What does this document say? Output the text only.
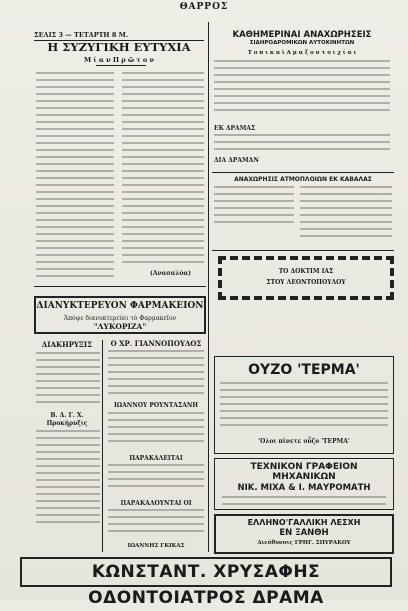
ΘΑΡΡΟΣ
ΣΕΛΙΣ 3 — ΤΕΤΑΡΤΗ 8 Μ.
Η ΣΥΖΥΓΙΚΗ ΕΥΤΥΧΙΑ
Μ ί α ν Π ρ ῶ τ ο ν
(Ανασαλόα)
ΚΑΘΗΜΕΡΙΝΑΙ ΑΝΑΧΩΡΗΣΕΙΣ
ΣΙΔΗΡΟΔΡΟΜΙΚΩΝ ΑΥΤΟΚΙΝΗΤΩΝ
Τ ο π ι κ α ὶ Α μ α ξ ο σ τ ο ι χ ί α ι
ΕΚ ΔΡΑΜΑΣ
ΔΙΑ ΔΡΑΜΑΝ
ΑΝΑΧΩΡΗΣΙΣ ΑΤΜΟΠΛΟΙΩΝ ΕΚ ΚΑΒΑΛΑΣ
ΤΟ ΔΟΚΤΙΜ ΙΑΣ
ΣΤΟΥ ΛΕΟΝΤΟΠΟΥΛΟΥ
ΔΙΑΝΥΚΤΕΡΕΥΟΝ ΦΑΡΜΑΚΕΙΟΝ
Ἀπόψε διανυκτερεύει τὸ Φαρμακεῖον
"ΛΥΚΟΡΙΖΑ"
ΔΙΑΚΗΡΥΞΙΣ
Β. Δ. Γ. Χ.
Προκήρυξις
Ο ΧΡ. ΓΙΑΝΝΟΠΟΥΛΟΣ
ΙΩΑΝΝΟΥ ΡΟΥΝΤΑΣΑΝΗ
ΠΑΡΑΚΑΛΕΙΤΑΙ
ΠΑΡΑΚΑΛΟΥΝΤΑΙ ΟΙ
ΙΩΑΝΝΗΣ ΓΚΙΚΑΣ
ΟΥΖΟ 'ΤΕΡΜΑ'
'Ολοι πίνετε οὖζο 'ΤΕΡΜΑ'
ΤΕΧΝΙΚΟΝ ΓΡΑΦΕΙΟΝ
ΜΗΧΑΝΙΚΩΝ
ΝΙΚ. ΜΙΧΑ & Ι. ΜΑΥΡΟΜΑΤΗ
ΕΛΛΗΝΟ'ΓΑΛΛΙΚΗ ΛΕΣΧΗ
ΕΝ ΞΑΝΘΗ
Διεύθυνσις ΓΡΗΓ. ΣΠΥΡΑΚΟΥ
ΚΩΝΣΤΑΝΤ. ΧΡΥΣΑΦΗΣ ΟΔΟΝΤΟΙΑΤΡΟΣ ΔΡΑΜΑ
